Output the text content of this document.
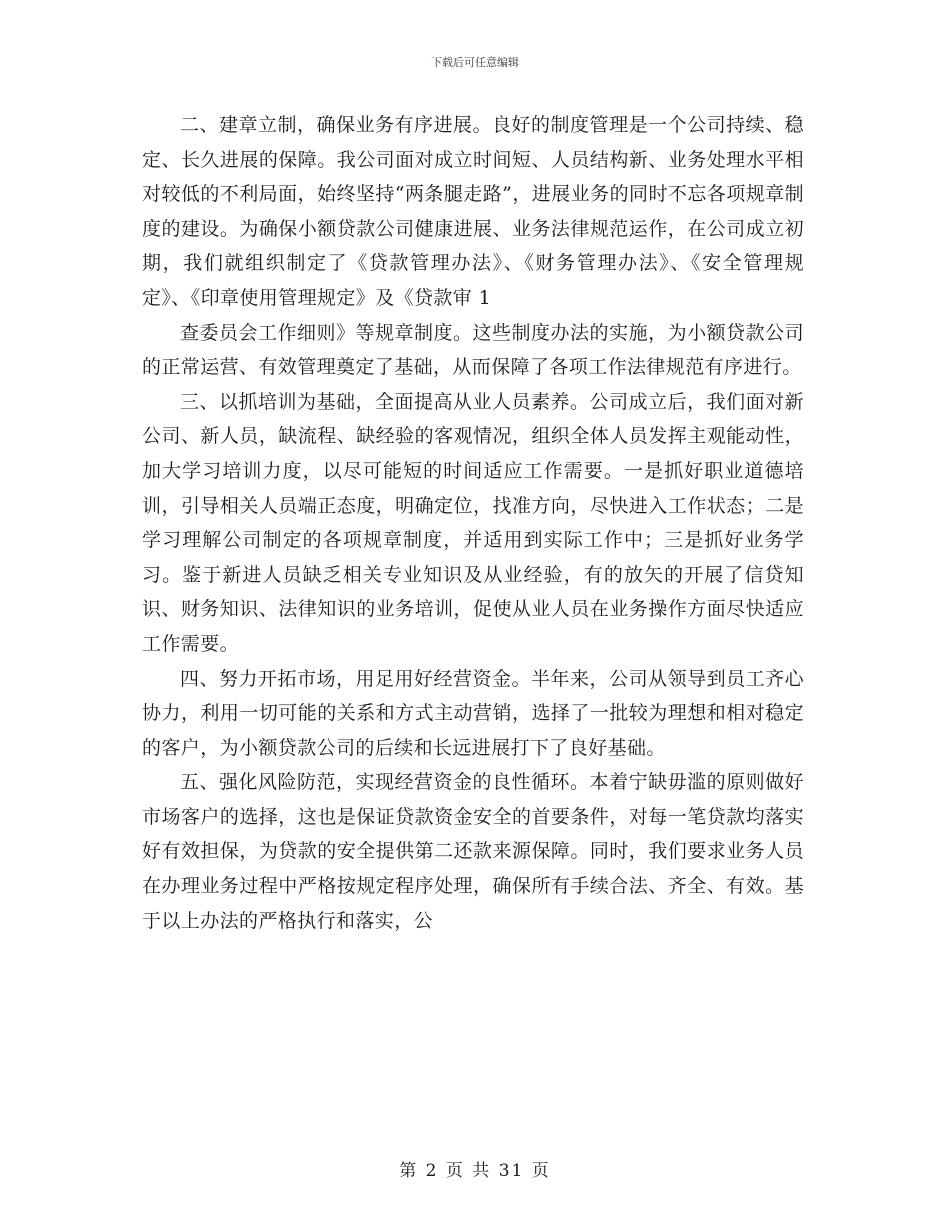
下载后可任意编辑

二、建章立制，确保业务有序进展。良好的制度管理是一个公司持续、稳定、长久进展的保障。我公司面对成立时间短、人员结构新、业务处理水平相对较低的不利局面，始终坚持“两条腿走路”，进展业务的同时不忘各项规章制度的建设。为确保小额贷款公司健康进展、业务法律规范运作，在公司成立初期，我们就组织制定了《贷款管理办法》、《财务管理办法》、《安全管理规定》、《印章使用管理规定》及《贷款审 1

查委员会工作细则》等规章制度。这些制度办法的实施，为小额贷款公司的正常运营、有效管理奠定了基础，从而保障了各项工作法律规范有序进行。

三、以抓培训为基础，全面提高从业人员素养。公司成立后，我们面对新公司、新人员，缺流程、缺经验的客观情况，组织全体人员发挥主观能动性，加大学习培训力度，以尽可能短的时间适应工作需要。一是抓好职业道德培训，引导相关人员端正态度，明确定位，找准方向，尽快进入工作状态；二是学习理解公司制定的各项规章制度，并适用到实际工作中；三是抓好业务学习。鉴于新进人员缺乏相关专业知识及从业经验，有的放矢的开展了信贷知识、财务知识、法律知识的业务培训，促使从业人员在业务操作方面尽快适应工作需要。

四、努力开拓市场，用足用好经营资金。半年来，公司从领导到员工齐心协力，利用一切可能的关系和方式主动营销，选择了一批较为理想和相对稳定的客户，为小额贷款公司的后续和长远进展打下了良好基础。

五、强化风险防范，实现经营资金的良性循环。本着宁缺毋滥的原则做好市场客户的选择，这也是保证贷款资金安全的首要条件，对每一笔贷款均落实好有效担保，为贷款的安全提供第二还款来源保障。同时，我们要求业务人员在办理业务过程中严格按规定程序处理，确保所有手续合法、齐全、有效。基于以上办法的严格执行和落实，公

第 2 页 共 31 页
